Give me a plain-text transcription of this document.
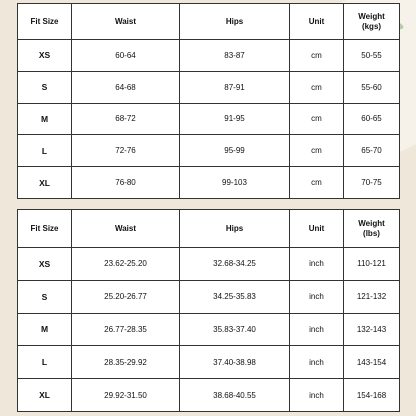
Fit Size	Waist	Hips	Unit	Weight
(kgs)
XS	60-64	83-87	cm	50-55
S	64-68	87-91	cm	55-60
M	68-72	91-95	cm	60-65
L	72-76	95-99	cm	65-70
XL	76-80	99-103	cm	70-75
Fit Size	Waist	Hips	Unit	Weight
(lbs)
XS	23.62-25.20	32.68-34.25	inch	110-121
S	25.20-26.77	34.25-35.83	inch	121-132
M	26.77-28.35	35.83-37.40	inch	132-143
L	28.35-29.92	37.40-38.98	inch	143-154
XL	29.92-31.50	38.68-40.55	inch	154-168
